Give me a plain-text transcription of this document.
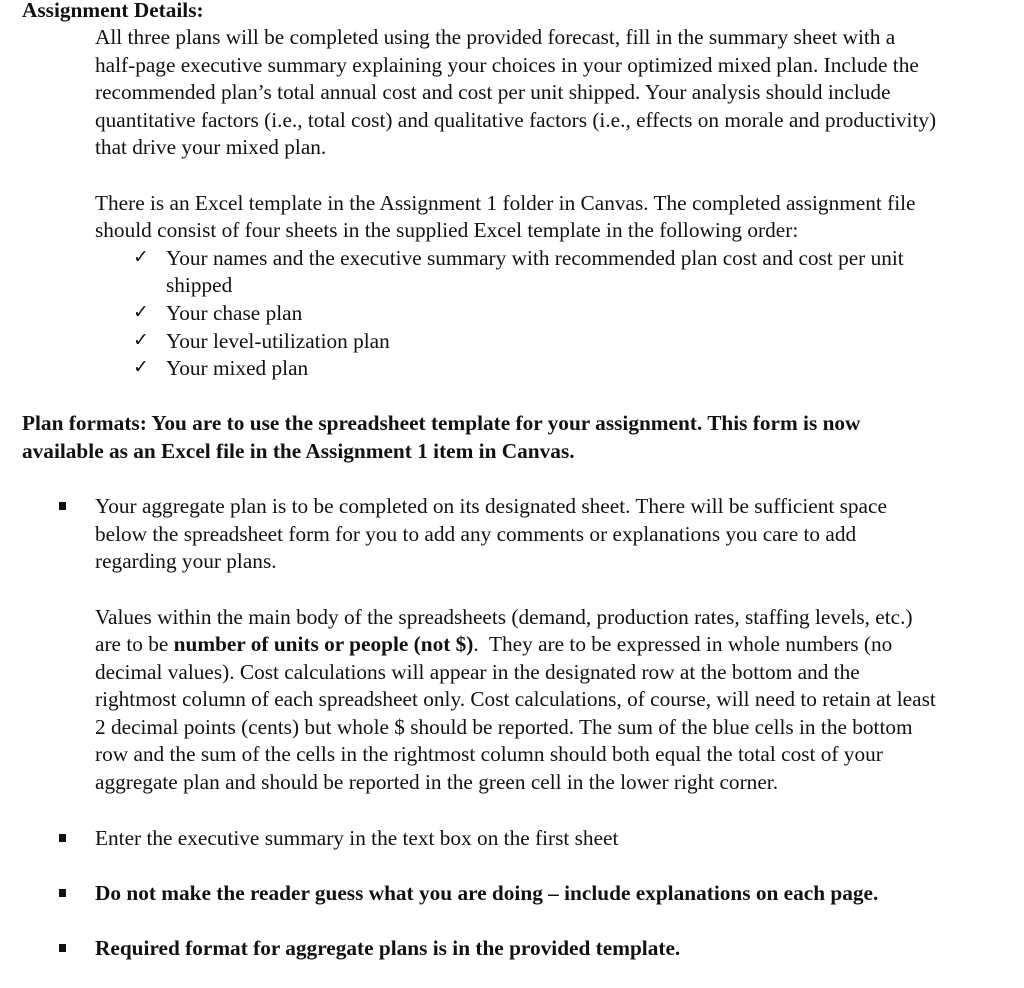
Assignment Details:
All three plans will be completed using the provided forecast, fill in the summary sheet with a
half-page executive summary explaining your choices in your optimized mixed plan. Include the
recommended plan’s total annual cost and cost per unit shipped. Your analysis should include
quantitative factors (i.e., total cost) and qualitative factors (i.e., effects on morale and productivity)
that drive your mixed plan.
There is an Excel template in the Assignment 1 folder in Canvas. The completed assignment file
should consist of four sheets in the supplied Excel template in the following order:
✓ Your names and the executive summary with recommended plan cost and cost per unit
shipped
✓ Your chase plan
✓ Your level-utilization plan
✓ Your mixed plan
Plan formats: You are to use the spreadsheet template for your assignment. This form is now
available as an Excel file in the Assignment 1 item in Canvas.
Your aggregate plan is to be completed on its designated sheet. There will be sufficient space
below the spreadsheet form for you to add any comments or explanations you care to add
regarding your plans.
Values within the main body of the spreadsheets (demand, production rates, staffing levels, etc.)
are to be number of units or people (not $).  They are to be expressed in whole numbers (no
decimal values). Cost calculations will appear in the designated row at the bottom and the
rightmost column of each spreadsheet only. Cost calculations, of course, will need to retain at least
2 decimal points (cents) but whole $ should be reported. The sum of the blue cells in the bottom
row and the sum of the cells in the rightmost column should both equal the total cost of your
aggregate plan and should be reported in the green cell in the lower right corner.
Enter the executive summary in the text box on the first sheet
Do not make the reader guess what you are doing – include explanations on each page.
Required format for aggregate plans is in the provided template.
